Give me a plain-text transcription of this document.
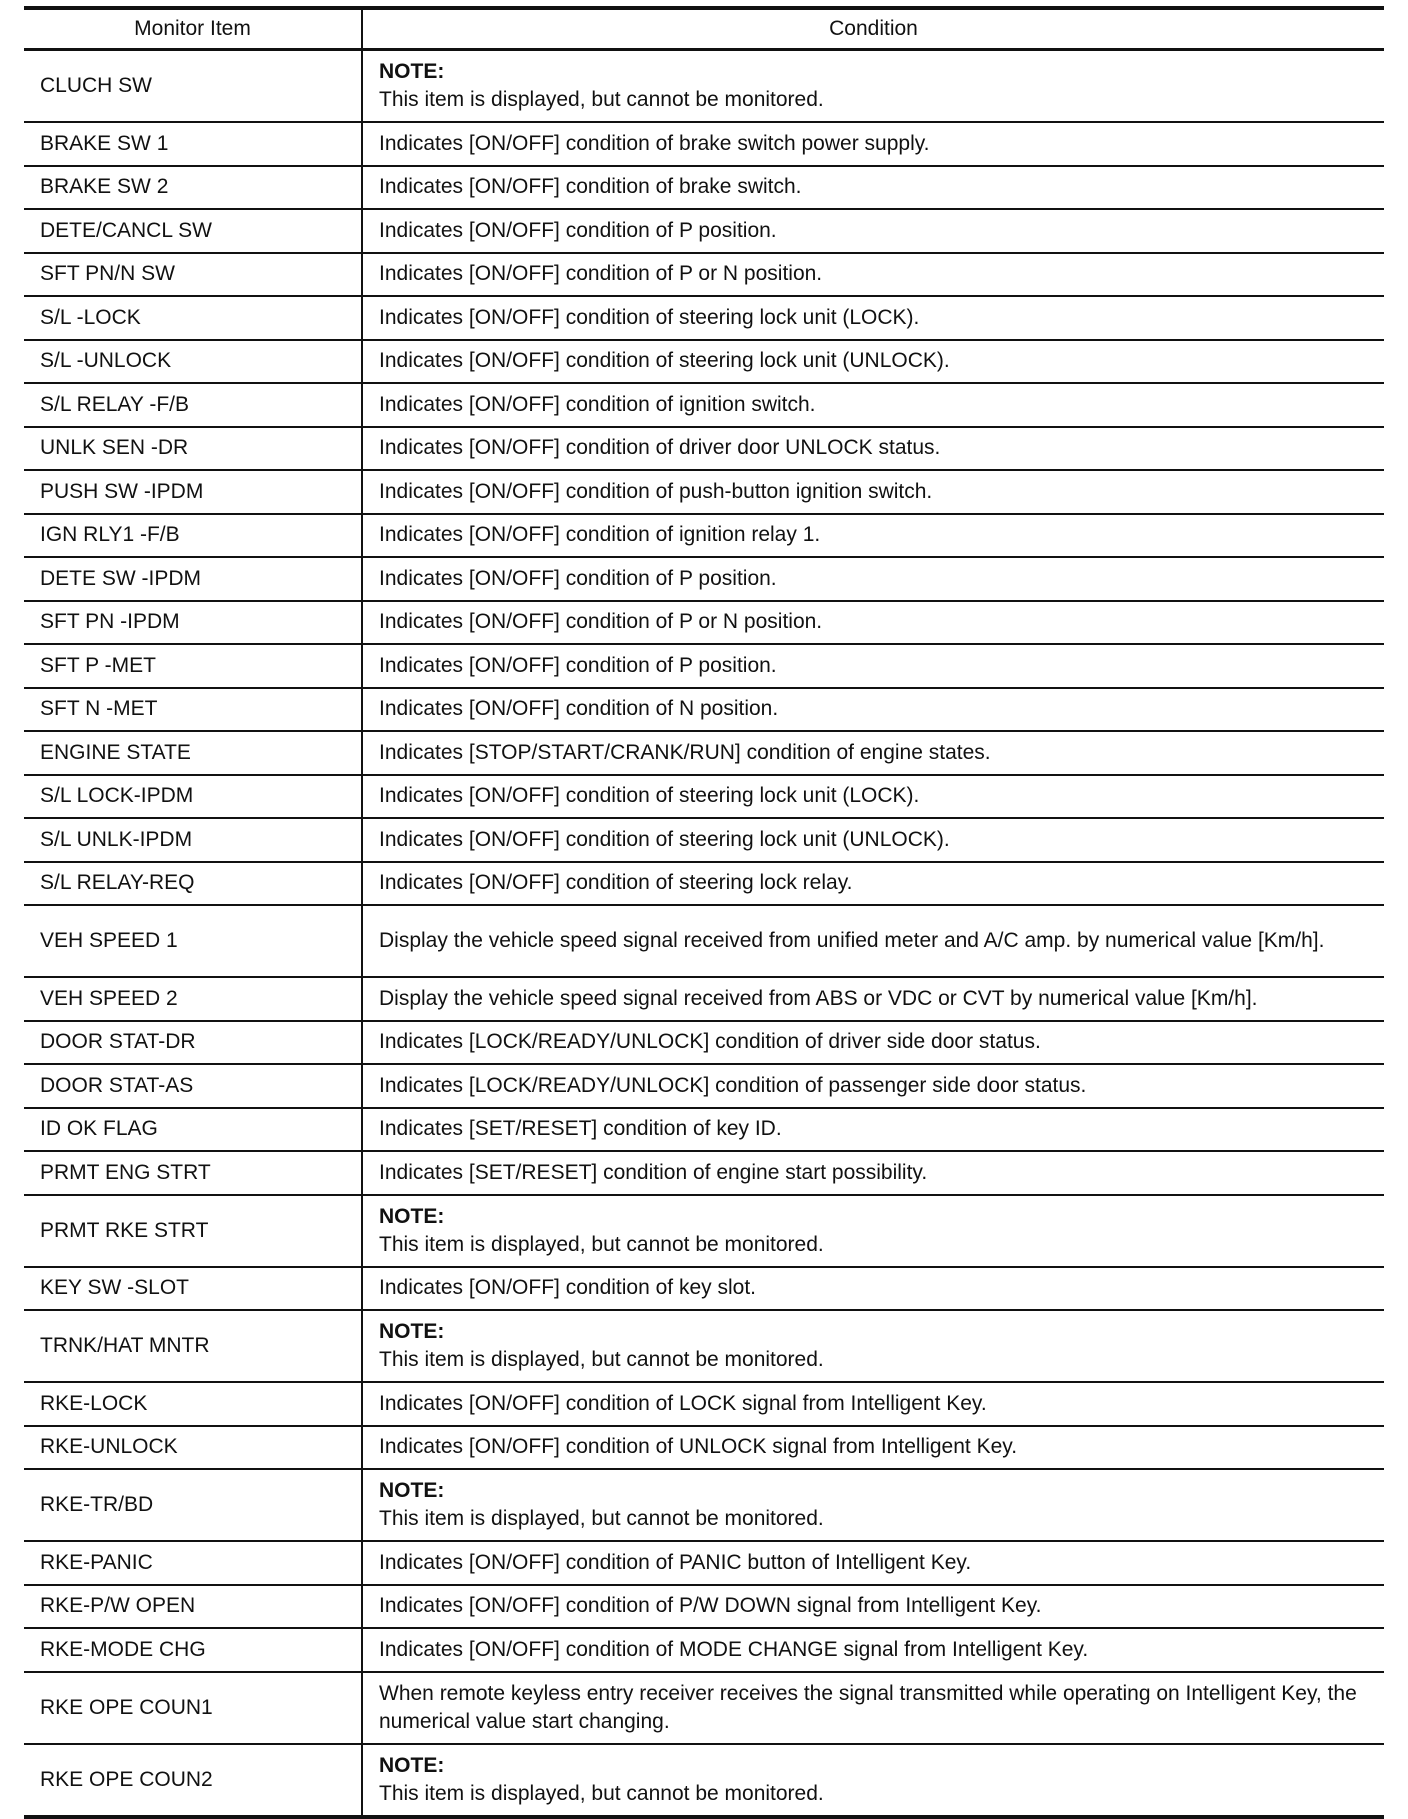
Monitor Item	Condition
CLUCH SW	NOTE:
This item is displayed, but cannot be monitored.

BRAKE SW 1	Indicates [ON/OFF] condition of brake switch power supply.
BRAKE SW 2	Indicates [ON/OFF] condition of brake switch.
DETE/CANCL SW	Indicates [ON/OFF] condition of P position.
SFT PN/N SW	Indicates [ON/OFF] condition of P or N position.
S/L -LOCK	Indicates [ON/OFF] condition of steering lock unit (LOCK).
S/L -UNLOCK	Indicates [ON/OFF] condition of steering lock unit (UNLOCK).
S/L RELAY -F/B	Indicates [ON/OFF] condition of ignition switch.
UNLK SEN -DR	Indicates [ON/OFF] condition of driver door UNLOCK status.
PUSH SW -IPDM	Indicates [ON/OFF] condition of push-button ignition switch.
IGN RLY1 -F/B	Indicates [ON/OFF] condition of ignition relay 1.
DETE SW -IPDM	Indicates [ON/OFF] condition of P position.
SFT PN -IPDM	Indicates [ON/OFF] condition of P or N position.
SFT P -MET	Indicates [ON/OFF] condition of P position.
SFT N -MET	Indicates [ON/OFF] condition of N position.
ENGINE STATE	Indicates [STOP/START/CRANK/RUN] condition of engine states.
S/L LOCK-IPDM	Indicates [ON/OFF] condition of steering lock unit (LOCK).
S/L UNLK-IPDM	Indicates [ON/OFF] condition of steering lock unit (UNLOCK).
S/L RELAY-REQ	Indicates [ON/OFF] condition of steering lock relay.
VEH SPEED 1	Display the vehicle speed signal received from unified meter and A/C amp. by numerical value [Km/h].
VEH SPEED 2	Display the vehicle speed signal received from ABS or VDC or CVT by numerical value [Km/h].
DOOR STAT-DR	Indicates [LOCK/READY/UNLOCK] condition of driver side door status.
DOOR STAT-AS	Indicates [LOCK/READY/UNLOCK] condition of passenger side door status.
ID OK FLAG	Indicates [SET/RESET] condition of key ID.
PRMT ENG STRT	Indicates [SET/RESET] condition of engine start possibility.
PRMT RKE STRT	NOTE:
This item is displayed, but cannot be monitored.

KEY SW -SLOT	Indicates [ON/OFF] condition of key slot.
TRNK/HAT MNTR	NOTE:
This item is displayed, but cannot be monitored.

RKE-LOCK	Indicates [ON/OFF] condition of LOCK signal from Intelligent Key.
RKE-UNLOCK	Indicates [ON/OFF] condition of UNLOCK signal from Intelligent Key.
RKE-TR/BD	NOTE:
This item is displayed, but cannot be monitored.

RKE-PANIC	Indicates [ON/OFF] condition of PANIC button of Intelligent Key.
RKE-P/W OPEN	Indicates [ON/OFF] condition of P/W DOWN signal from Intelligent Key.
RKE-MODE CHG	Indicates [ON/OFF] condition of MODE CHANGE signal from Intelligent Key.
RKE OPE COUN1	When remote keyless entry receiver receives the signal transmitted while operating on Intelligent Key, the numerical value start changing.
RKE OPE COUN2	NOTE:
This item is displayed, but cannot be monitored.
